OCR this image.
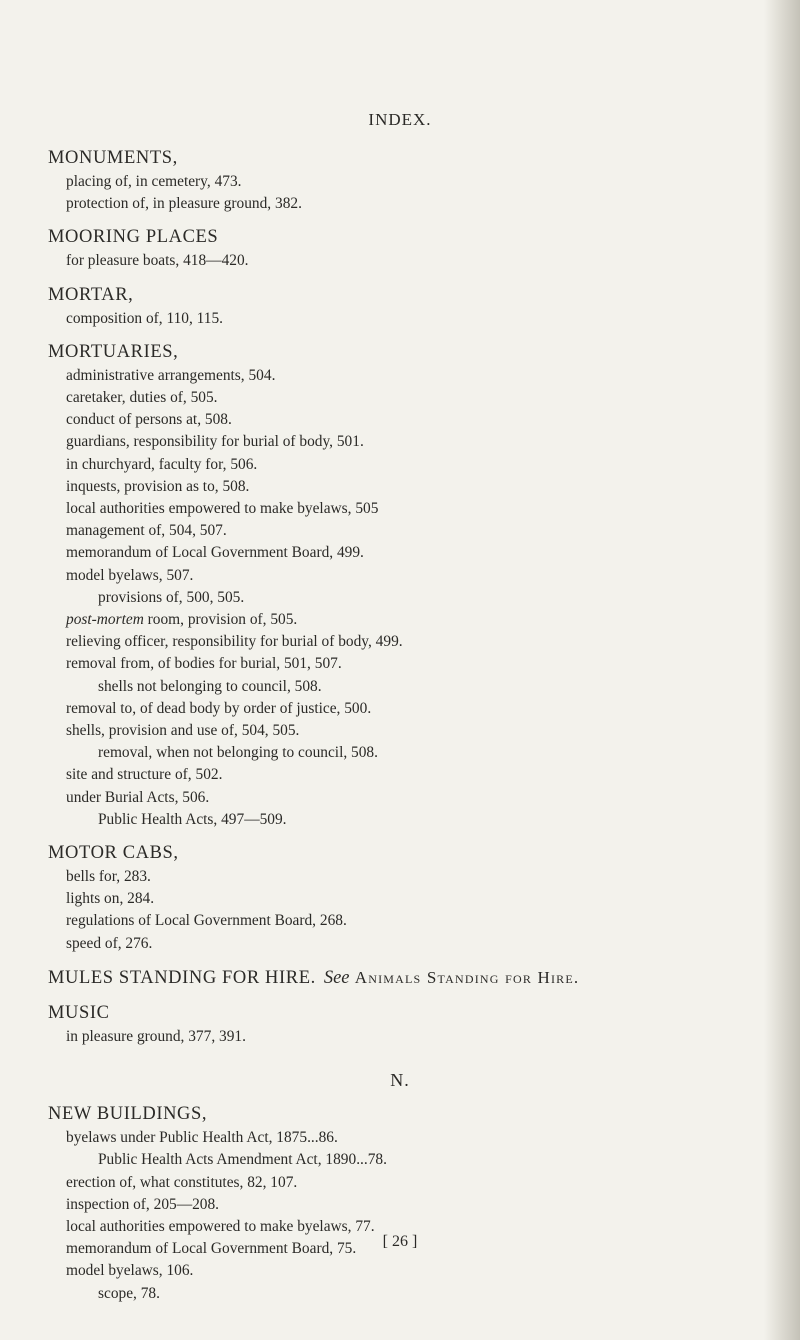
INDEX.
MONUMENTS,
placing of, in cemetery, 473.
protection of, in pleasure ground, 382.
MOORING PLACES
for pleasure boats, 418—420.
MORTAR,
composition of, 110, 115.
MORTUARIES,
administrative arrangements, 504.
caretaker, duties of, 505.
conduct of persons at, 508.
guardians, responsibility for burial of body, 501.
in churchyard, faculty for, 506.
inquests, provision as to, 508.
local authorities empowered to make byelaws, 505
management of, 504, 507.
memorandum of Local Government Board, 499.
model byelaws, 507.
provisions of, 500, 505.
post-mortem room, provision of, 505.
relieving officer, responsibility for burial of body, 499.
removal from, of bodies for burial, 501, 507.
shells not belonging to council, 508.
removal to, of dead body by order of justice, 500.
shells, provision and use of, 504, 505.
removal, when not belonging to council, 508.
site and structure of, 502.
under Burial Acts, 506.
Public Health Acts, 497—509.
MOTOR CABS,
bells for, 283.
lights on, 284.
regulations of Local Government Board, 268.
speed of, 276.
MULES STANDING FOR HIRE. See Animals Standing for Hire.
MUSIC
in pleasure ground, 377, 391.
N.
NEW BUILDINGS,
byelaws under Public Health Act, 1875...86.
Public Health Acts Amendment Act, 1890...78.
erection of, what constitutes, 82, 107.
inspection of, 205—208.
local authorities empowered to make byelaws, 77.
memorandum of Local Government Board, 75.
model byelaws, 106.
scope, 78.
[ 26 ]
